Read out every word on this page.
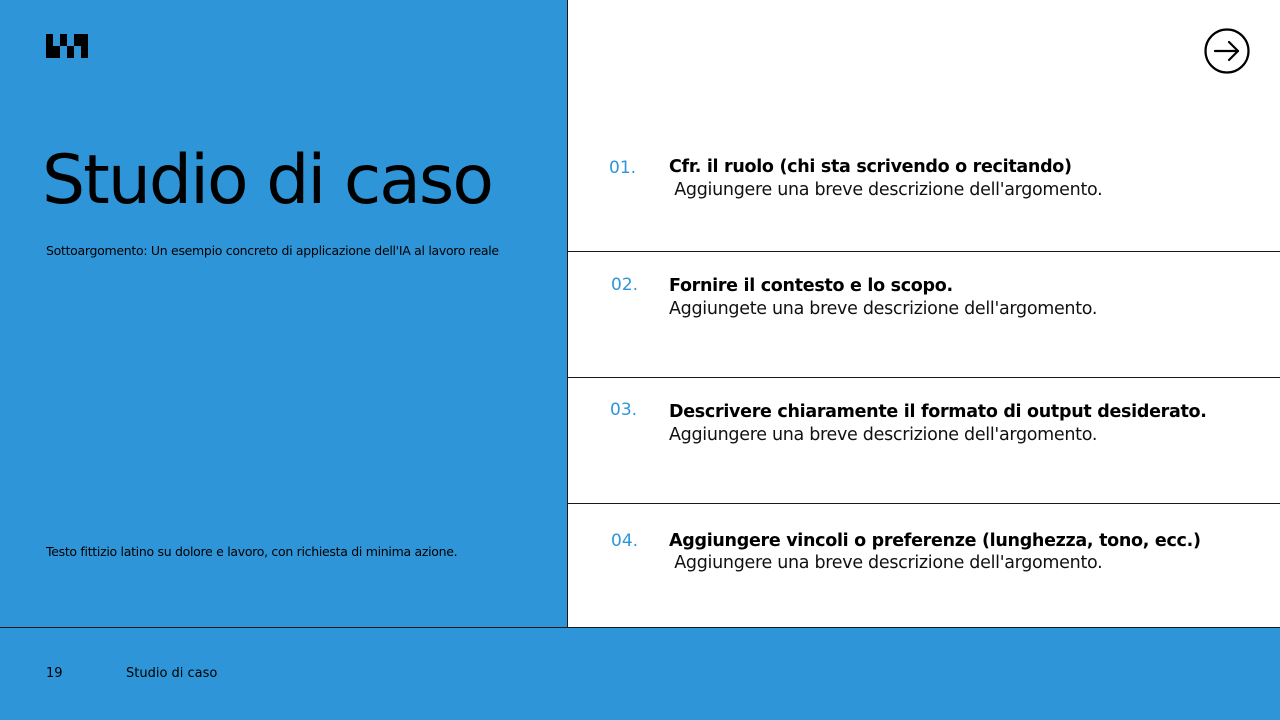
Studio di caso
Sottoargomento: Un esempio concreto di applicazione dell'IA al lavoro reale
Testo fittizio latino su dolore e lavoro, con richiesta di minima azione.
19	Studio di caso
01. Cfr. il ruolo (chi sta scrivendo o recitando)
Aggiungere una breve descrizione dell'argomento.
02. Fornire il contesto e lo scopo.
Aggiungete una breve descrizione dell'argomento.
03. Descrivere chiaramente il formato di output desiderato.
Aggiungere una breve descrizione dell'argomento.
04. Aggiungere vincoli o preferenze (lunghezza, tono, ecc.)
Aggiungere una breve descrizione dell'argomento.
